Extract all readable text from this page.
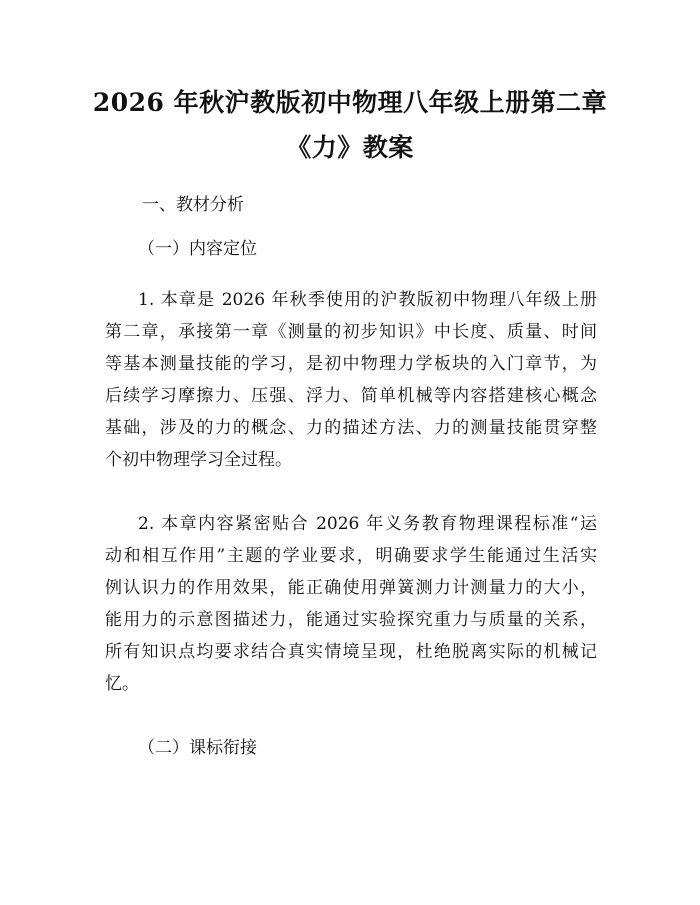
2026 年秋沪教版初中物理八年级上册第二章
《力》教案
一、教材分析
（一）内容定位
1. 本章是 2026 年秋季使用的沪教版初中物理八年级上册
第二章，承接第一章《测量的初步知识》中长度、质量、时间
等基本测量技能的学习，是初中物理力学板块的入门章节，为
后续学习摩擦力、压强、浮力、简单机械等内容搭建核心概念
基础，涉及的力的概念、力的描述方法、力的测量技能贯穿整
个初中物理学习全过程。
2. 本章内容紧密贴合 2026 年义务教育物理课程标准“运
动和相互作用”主题的学业要求，明确要求学生能通过生活实
例认识力的作用效果，能正确使用弹簧测力计测量力的大小，
能用力的示意图描述力，能通过实验探究重力与质量的关系，
所有知识点均要求结合真实情境呈现，杜绝脱离实际的机械记
忆。
（二）课标衔接
